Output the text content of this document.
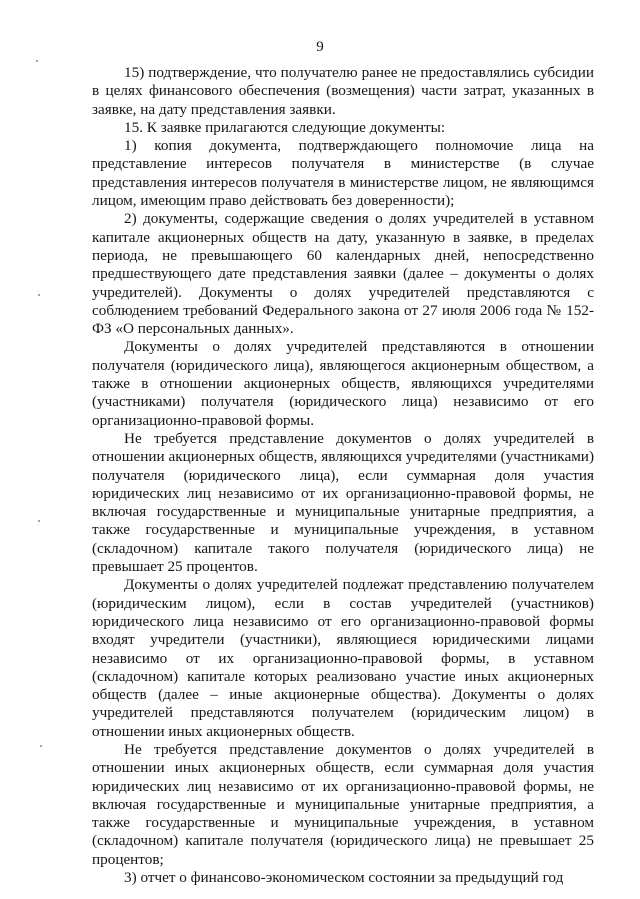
9

15) подтверждение, что получателю ранее не предоставлялись субсидии в целях финансового обеспечения (возмещения) части затрат, указанных в заявке, на дату представления заявки.

15. К заявке прилагаются следующие документы:

1) копия документа, подтверждающего полномочие лица на представление интересов получателя в министерстве (в случае представления интересов получателя в министерстве лицом, не являющимся лицом, имеющим право действовать без доверенности);

2) документы, содержащие сведения о долях учредителей в уставном капитале акционерных обществ на дату, указанную в заявке, в пределах периода, не превышающего 60 календарных дней, непосредственно предшествующего дате представления заявки (далее – документы о долях учредителей). Документы о долях учредителей представляются с соблюдением требований Федерального закона от 27 июля 2006 года № 152-ФЗ «О персональных данных».

Документы о долях учредителей представляются в отношении получателя (юридического лица), являющегося акционерным обществом, а также в отношении акционерных обществ, являющихся учредителями (участниками) получателя (юридического лица) независимо от его организационно-правовой формы.

Не требуется представление документов о долях учредителей в отношении акционерных обществ, являющихся учредителями (участниками) получателя (юридического лица), если суммарная доля участия юридических лиц независимо от их организационно-правовой формы, не включая государственные и муниципальные унитарные предприятия, а также государственные и муниципальные учреждения, в уставном (складочном) капитале такого получателя (юридического лица) не превышает 25 процентов.

Документы о долях учредителей подлежат представлению получателем (юридическим лицом), если в состав учредителей (участников) юридического лица независимо от его организационно-правовой формы входят учредители (участники), являющиеся юридическими лицами независимо от их организационно-правовой формы, в уставном (складочном) капитале которых реализовано участие иных акционерных обществ (далее – иные акционерные общества). Документы о долях учредителей представляются получателем (юридическим лицом) в отношении иных акционерных обществ.

Не требуется представление документов о долях учредителей в отношении иных акционерных обществ, если суммарная доля участия юридических лиц независимо от их организационно-правовой формы, не включая государственные и муниципальные унитарные предприятия, а также государственные и муниципальные учреждения, в уставном (складочном) капитале получателя (юридического лица) не превышает 25 процентов;

3) отчет о финансово-экономическом состоянии за предыдущий год
